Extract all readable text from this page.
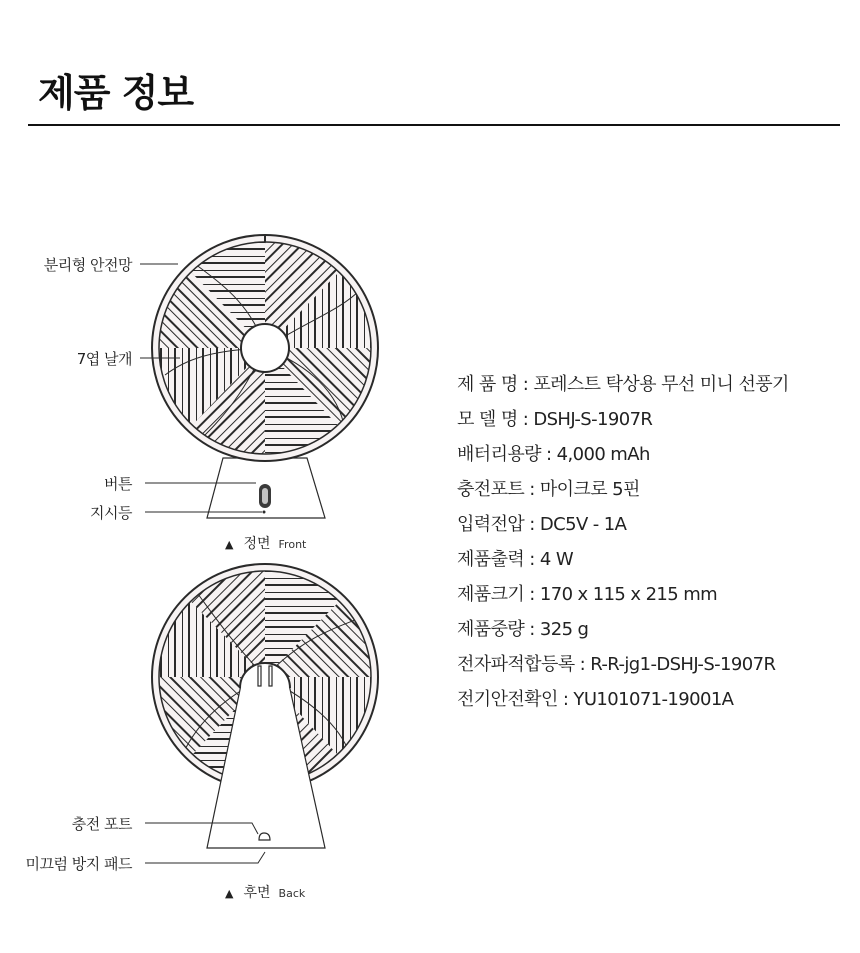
제품 정보
분리형 안전망
7엽 날개
버튼
지시등
▲ 정면 Front
충전 포트
미끄럼 방지 패드
▲ 후면 Back
제 품 명 : 포레스트 탁상용 무선 미니 선풍기
모 델 명 : DSHJ-S-1907R
배터리용량 : 4,000 mAh
충전포트 : 마이크로 5핀
입력전압 : DC5V - 1A
제품출력 : 4 W
제품크기 : 170 x 115 x 215 mm
제품중량 : 325 g
전자파적합등록 : R-R-jg1-DSHJ-S-1907R
전기안전확인 : YU101071-19001A
